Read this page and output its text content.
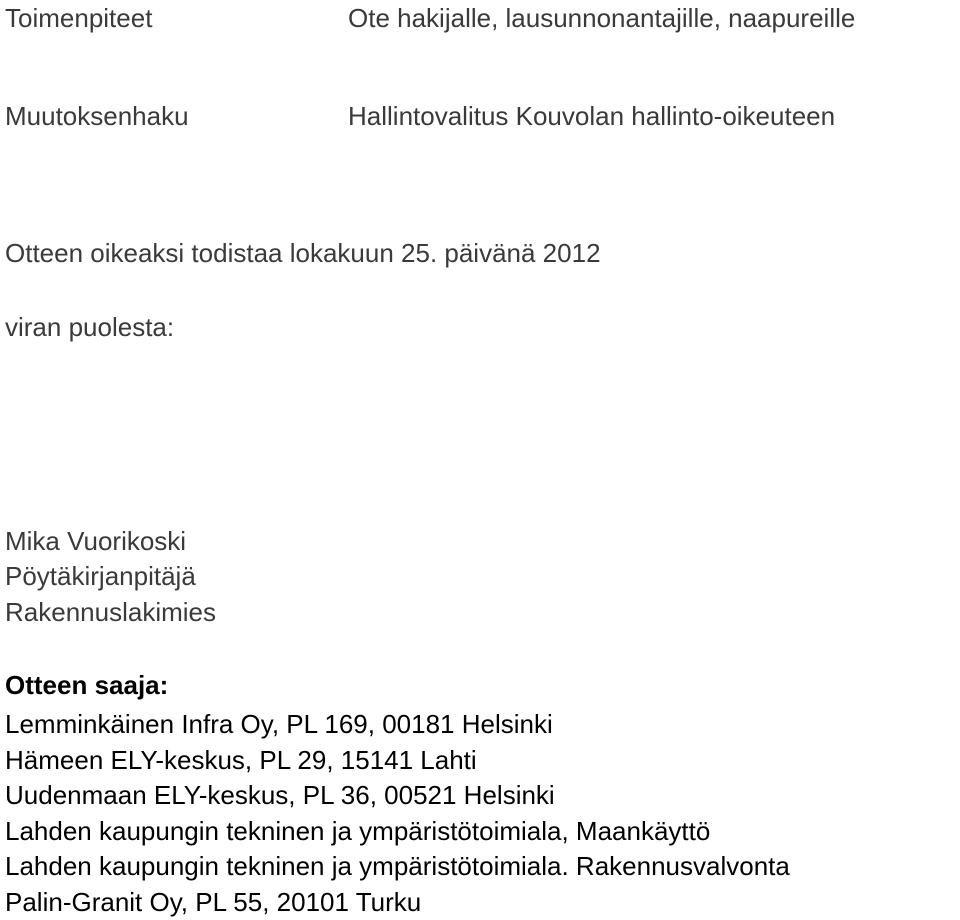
Toimenpiteet	Ote hakijalle, lausunnonantajille, naapureille
Muutoksenhaku	Hallintovalitus Kouvolan hallinto-oikeuteen
Otteen oikeaksi todistaa lokakuun 25. päivänä 2012
viran puolesta:
Mika Vuorikoski
Pöytäkirjanpitäjä
Rakennuslakimies
Otteen saaja:
Lemminkäinen Infra Oy, PL 169, 00181 Helsinki
Hämeen ELY-keskus, PL 29, 15141 Lahti
Uudenmaan ELY-keskus, PL 36, 00521 Helsinki
Lahden kaupungin tekninen ja ympäristötoimiala, Maankäyttö
Lahden kaupungin tekninen ja ympäristötoimiala. Rakennusvalvonta
Palin-Granit Oy, PL 55, 20101 Turku
